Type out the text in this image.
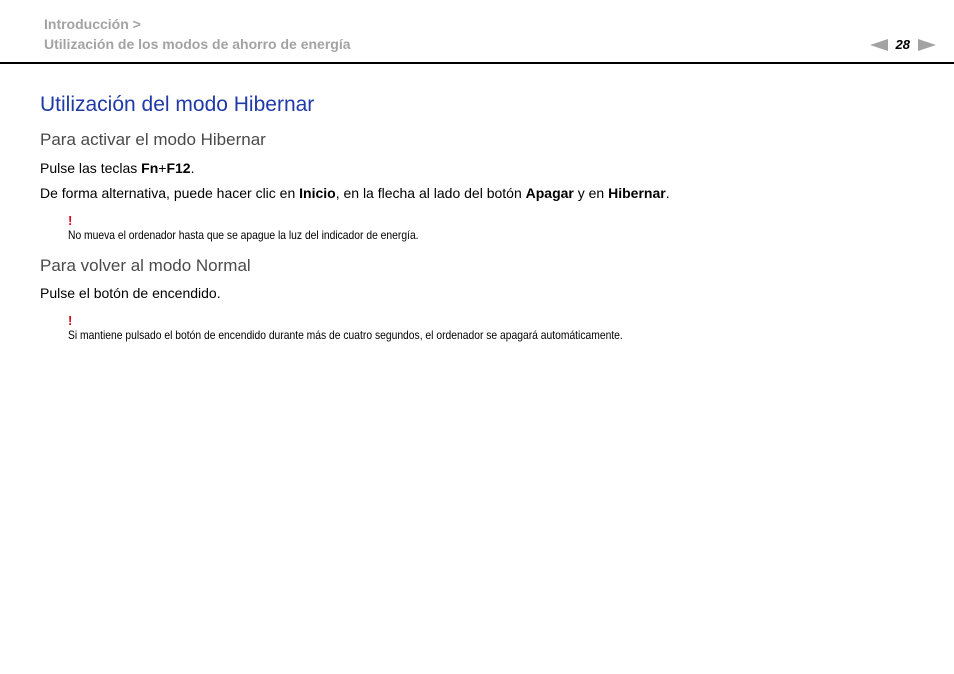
Introducción >
Utilización de los modos de ahorro de energía	28
Utilización del modo Hibernar
Para activar el modo Hibernar
Pulse las teclas Fn+F12.
De forma alternativa, puede hacer clic en Inicio, en la flecha al lado del botón Apagar y en Hibernar.
!
No mueva el ordenador hasta que se apague la luz del indicador de energía.
Para volver al modo Normal
Pulse el botón de encendido.
!
Si mantiene pulsado el botón de encendido durante más de cuatro segundos, el ordenador se apagará automáticamente.
